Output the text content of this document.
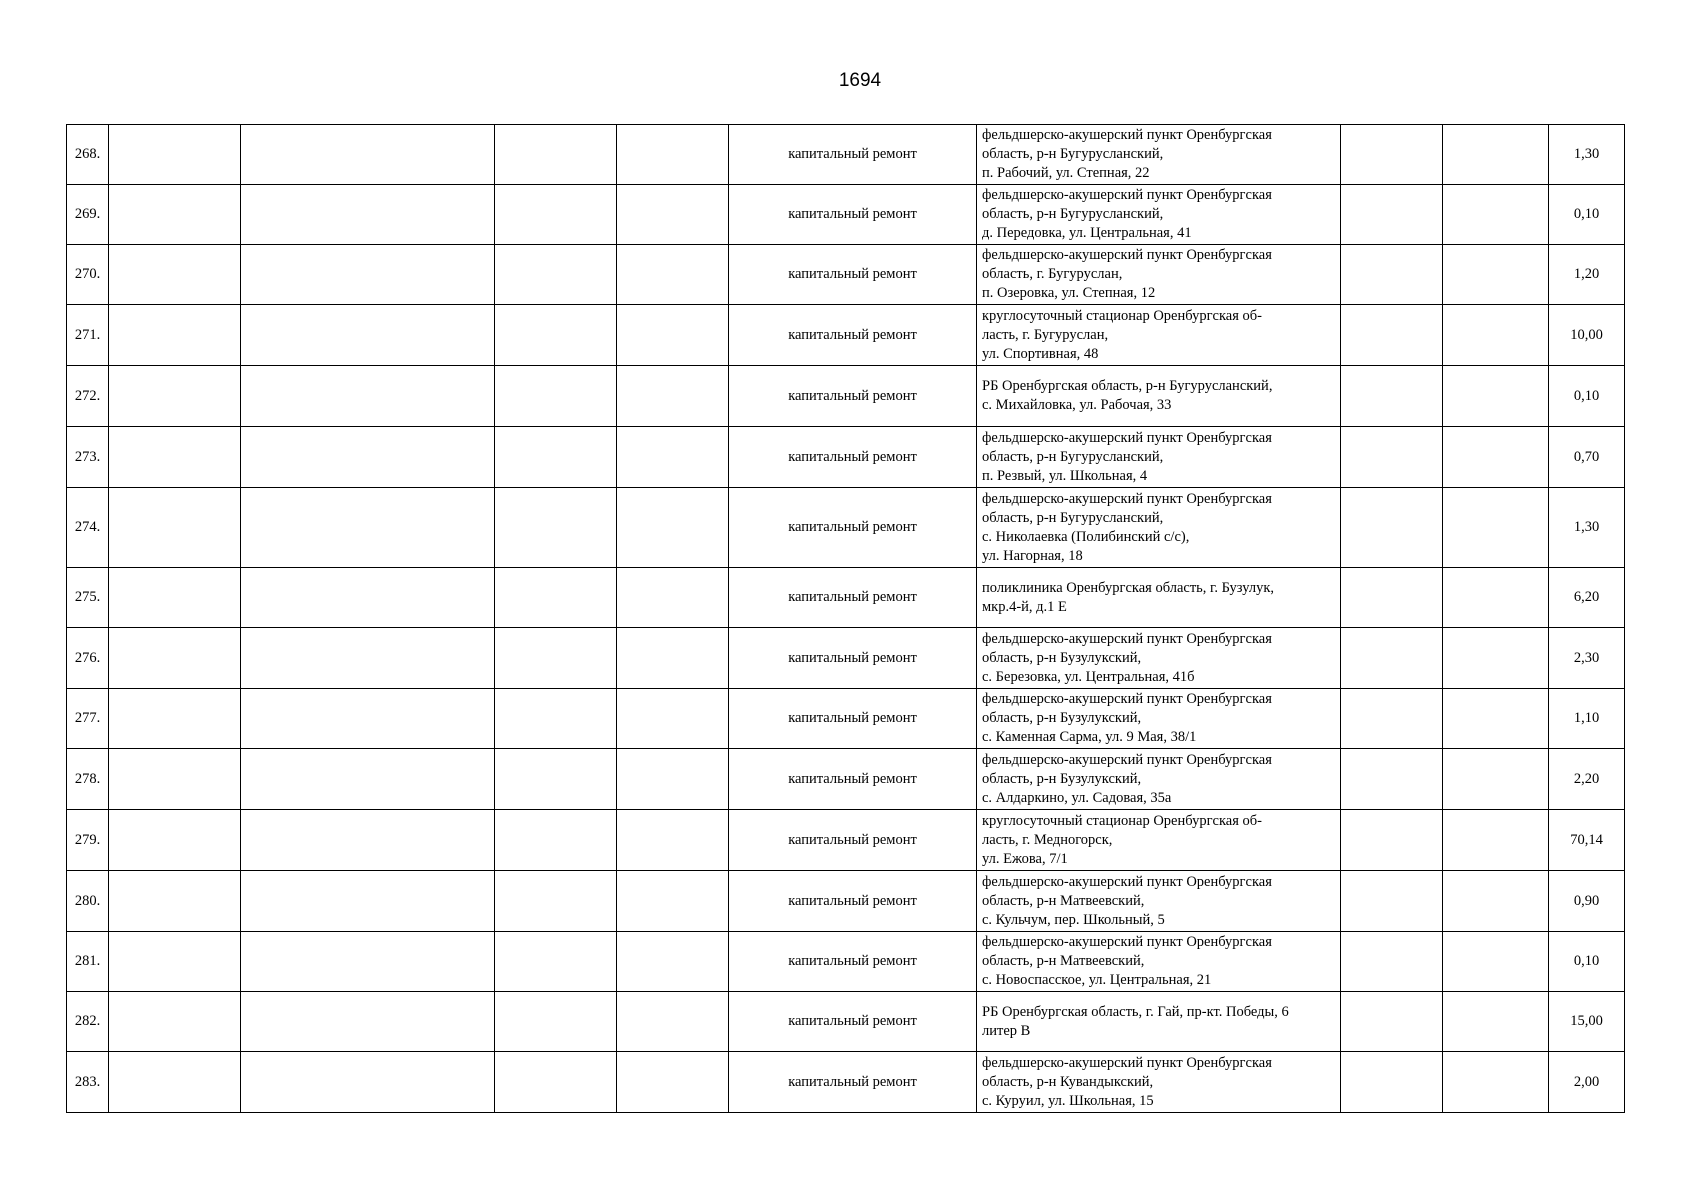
1694
268.					капитальный ремонт	фельдшерско-акушерский пункт Оренбургская
область, р-н Бугурусланский,
п. Рабочий, ул. Степная, 22			1,30
269.					капитальный ремонт	фельдшерско-акушерский пункт Оренбургская
область, р-н Бугурусланский,
д. Передовка, ул. Центральная, 41			0,10
270.					капитальный ремонт	фельдшерско-акушерский пункт Оренбургская
область, г. Бугуруслан,
п. Озеровка, ул. Степная, 12			1,20
271.					капитальный ремонт	круглосуточный стационар Оренбургская об-
ласть, г. Бугуруслан,
ул. Спортивная, 48			10,00
272.					капитальный ремонт	РБ Оренбургская область, р-н Бугурусланский,
с. Михайловка, ул. Рабочая, 33			0,10
273.					капитальный ремонт	фельдшерско-акушерский пункт Оренбургская
область, р-н Бугурусланский,
п. Резвый, ул. Школьная, 4			0,70
274.					капитальный ремонт	фельдшерско-акушерский пункт Оренбургская
область, р-н Бугурусланский,
с. Николаевка (Полибинский с/с),
ул. Нагорная, 18			1,30
275.					капитальный ремонт	поликлиника Оренбургская область, г. Бузулук,
мкр.4-й, д.1 Е			6,20
276.					капитальный ремонт	фельдшерско-акушерский пункт Оренбургская
область, р-н Бузулукский,
с. Березовка, ул. Центральная, 41б			2,30
277.					капитальный ремонт	фельдшерско-акушерский пункт Оренбургская
область, р-н Бузулукский,
с. Каменная Сарма, ул. 9 Мая, 38/1			1,10
278.					капитальный ремонт	фельдшерско-акушерский пункт Оренбургская
область, р-н Бузулукский,
с. Алдаркино, ул. Садовая, 35а			2,20
279.					капитальный ремонт	круглосуточный стационар Оренбургская об-
ласть, г. Медногорск,
ул. Ежова, 7/1			70,14
280.					капитальный ремонт	фельдшерско-акушерский пункт Оренбургская
область, р-н Матвеевский,
с. Кульчум, пер. Школьный, 5			0,90
281.					капитальный ремонт	фельдшерско-акушерский пункт Оренбургская
область, р-н Матвеевский,
с. Новоспасское, ул. Центральная, 21			0,10
282.					капитальный ремонт	РБ Оренбургская область, г. Гай, пр-кт. Победы, 6
литер В			15,00
283.					капитальный ремонт	фельдшерско-акушерский пункт Оренбургская
область, р-н Кувандыкский,
с. Куруил, ул. Школьная, 15			2,00
